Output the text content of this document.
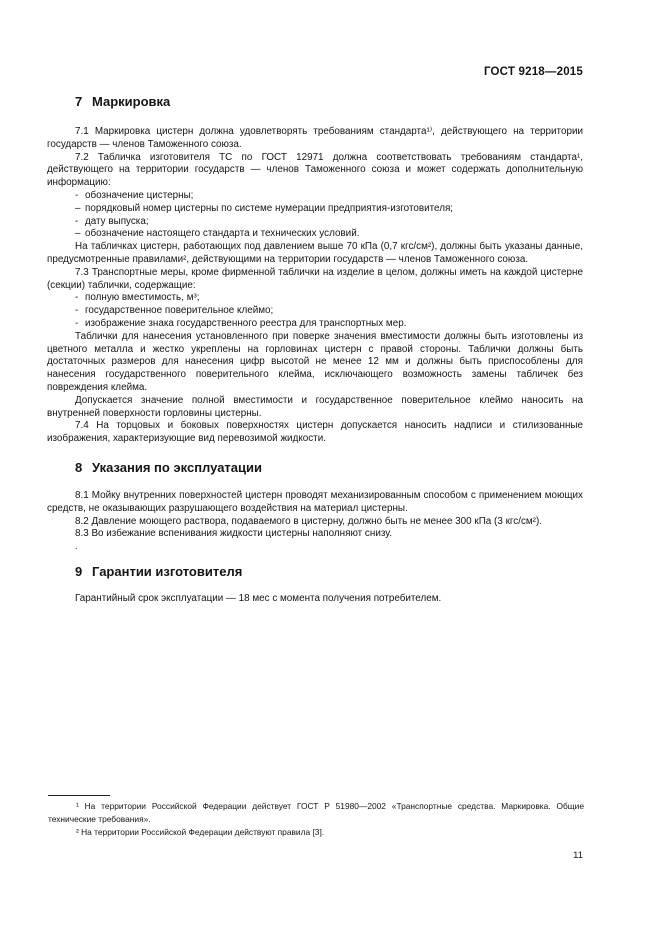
ГОСТ 9218—2015
7 Маркировка

7.1 Маркировка цистерн должна удовлетворять требованиям стандарта¹⁾, действующего на территории государств — членов Таможенного союза.

7.2 Табличка изготовителя ТС по ГОСТ 12971 должна соответствовать требованиям стандарта¹, действующего на территории государств — членов Таможенного союза и может содержать дополнительную информацию:

- обозначение цистерны;

– порядковый номер цистерны по системе нумерации предприятия-изготовителя;

- дату выпуска;

– обозначение настоящего стандарта и технических условий.

На табличках цистерн, работающих под давлением выше 70 кПа (0,7 кгс/см²), должны быть указаны данные, предусмотренные правилами², действующими на территории государств — членов Таможенного союза.

7.3 Транспортные меры, кроме фирменной таблички на изделие в целом, должны иметь на каждой цистерне (секции) таблички, содержащие:

- полную вместимость, м³;

- государственное поверительное клеймо;

- изображение знака государственного реестра для транспортных мер.

Таблички для нанесения установленного при поверке значения вместимости должны быть изготовлены из цветного металла и жестко укреплены на горловинах цистерн с правой стороны. Таблички должны быть достаточных размеров для нанесения цифр высотой не менее 12 мм и должны быть приспособлены для нанесения государственного поверительного клейма, исключающего возможность замены табличек без повреждения клейма.

Допускается значение полной вместимости и государственное поверительное клеймо наносить на внутренней поверхности горловины цистерны.

7.4 На торцовых и боковых поверхностях цистерн допускается наносить надписи и стилизованные изображения, характеризующие вид перевозимой жидкости.

8 Указания по эксплуатации

8.1 Мойку внутренних поверхностей цистерн проводят механизированным способом с применением моющих средств, не оказывающих разрушающего воздействия на материал цистерны.

8.2 Давление моющего раствора, подаваемого в цистерну, должно быть не менее 300 кПа (3 кгс/см²).

8.3 Во избежание вспенивания жидкости цистерны наполняют снизу.

.
9 Гарантии изготовителя

Гарантийный срок эксплуатации — 18 мес с момента получения потребителем.

¹ На территории Российской Федерации действует ГОСТ Р 51980—2002 «Транспортные средства. Маркировка. Общие технические требования».

² На территории Российской Федерации действуют правила [3].

11
